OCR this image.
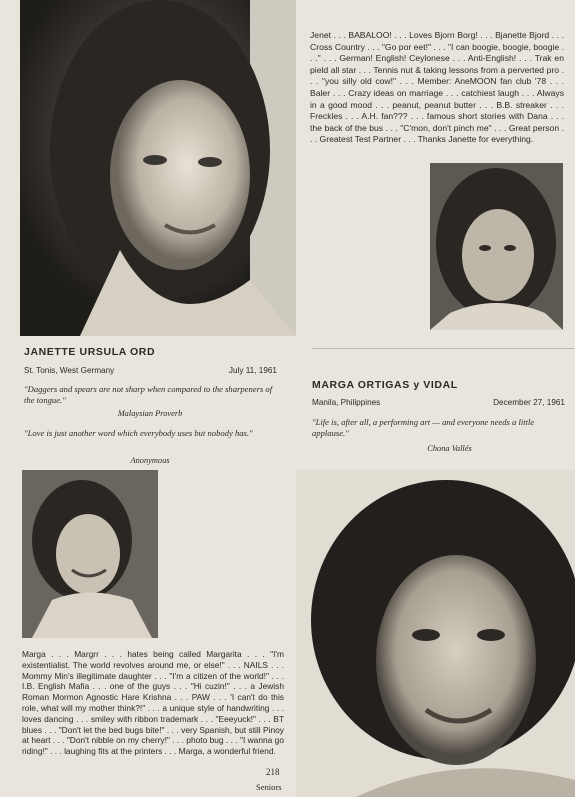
Jenet . . . BABALOO! . . . Loves Bjorn Borg! . . . Bjanette Bjord . . . Cross Country . . . "Go por eet!" . . . "I can boogie, boogie, boogie . . ." . . . German! English! Ceylonese . . . Anti-English! . . . Trak en pield all star . . . Tennis nut & taking lessons from a perverted pro . . . "you silly old cow!" . . . Member: AneMOON fan club '78 . . . Baler . . . Crazy ideas on marriage . . . catchiest laugh . . . Always in a good mood . . . peanut, peanut butter . . . B.B. streaker . . . Freckles . . . A.H. fan??? . . . famous short stories with Dana . . . the back of the bus . . . "C'mon, don't pinch me" . . . Great person . . . Greatest Test Partner . . . Thanks Janette for everything.
JANETTE URSULA ORD
St. Tonis, West Germany	July 11, 1961
"Daggers and spears are not sharp when compared to the sharpeners of the tongue."
Malaysian Proverb
"Love is just another word which everybody uses but nobody has."
Anonymous
MARGA ORTIGAS y VIDAL
Manila, Philippines	December 27, 1961
"Life is, after all, a performing art — and everyone needs a little applause."
Chona Vallés
Marga . . . Margrr . . . hates being called Margarita . . . "I'm existentialist. The world revolves around me, or else!" . . . NAILS . . . Mommy Min's illegitimate daughter . . . "I'm a citizen of the world!" . . . I.B. English Mafia . . . one of the guys . . . "Hi cuzin!" . . . a Jewish Roman Mormon Agnostic Hare Krishna . . . PAW . . . 'I can't do this role, what will my mother think?!" . . . a unique style of handwriting . . . loves dancing . . . smiley with ribbon trademark . . . "Eeeyuck!" . . . BT blues . . . "Don't let the bed bugs bite!" . . . very Spanish, but still Pinoy at heart . . . "Don't nibble on my cherry!" . . . photo bug . . . "I wanna go riding!" . . . laughing fits at the printers . . . Marga, a wonderful friend.
218
Seniors
